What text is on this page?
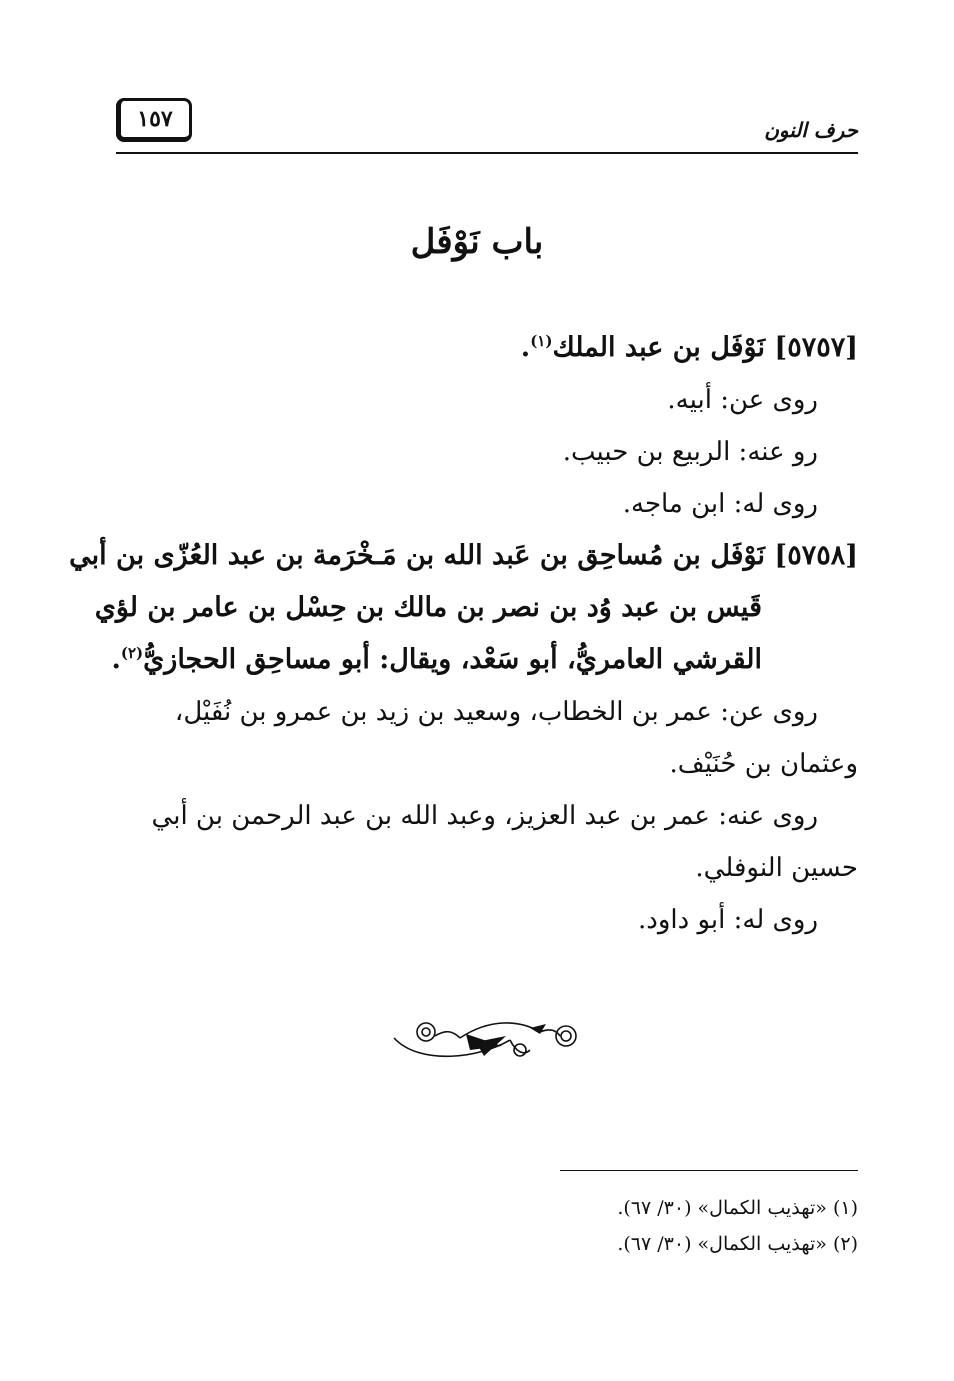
حرف النون
١٥٧
باب نَوْفَل
[٥٧٥٧] نَوْفَل بن عبد الملك$^{(١)}$.
روى عن: أبيه.
رو عنه: الربيع بن حبيب.
روى له: ابن ماجه.
[٥٧٥٨] نَوْفَل بن مُساحِق بن عَبد الله بن مَـخْرَمة بن عبد العُزّى بن أبي
قَيس بن عبد وُد بن نصر بن مالك بن حِسْل بن عامر بن لؤي
القرشي العامريُّ، أبو سَعْد، ويقال: أبو مساحِق الحجازيُّ$^{(٢)}$.
روى عن: عمر بن الخطاب، وسعيد بن زيد بن عمرو بن نُفَيْل،
وعثمان بن حُنَيْف.
روى عنه: عمر بن عبد العزيز، وعبد الله بن عبد الرحمن بن أبي
حسين النوفلي.
روى له: أبو داود.
(١) «تهذيب الكمال» (٣٠/ ٦٧).
(٢) «تهذيب الكمال» (٣٠/ ٦٧).
